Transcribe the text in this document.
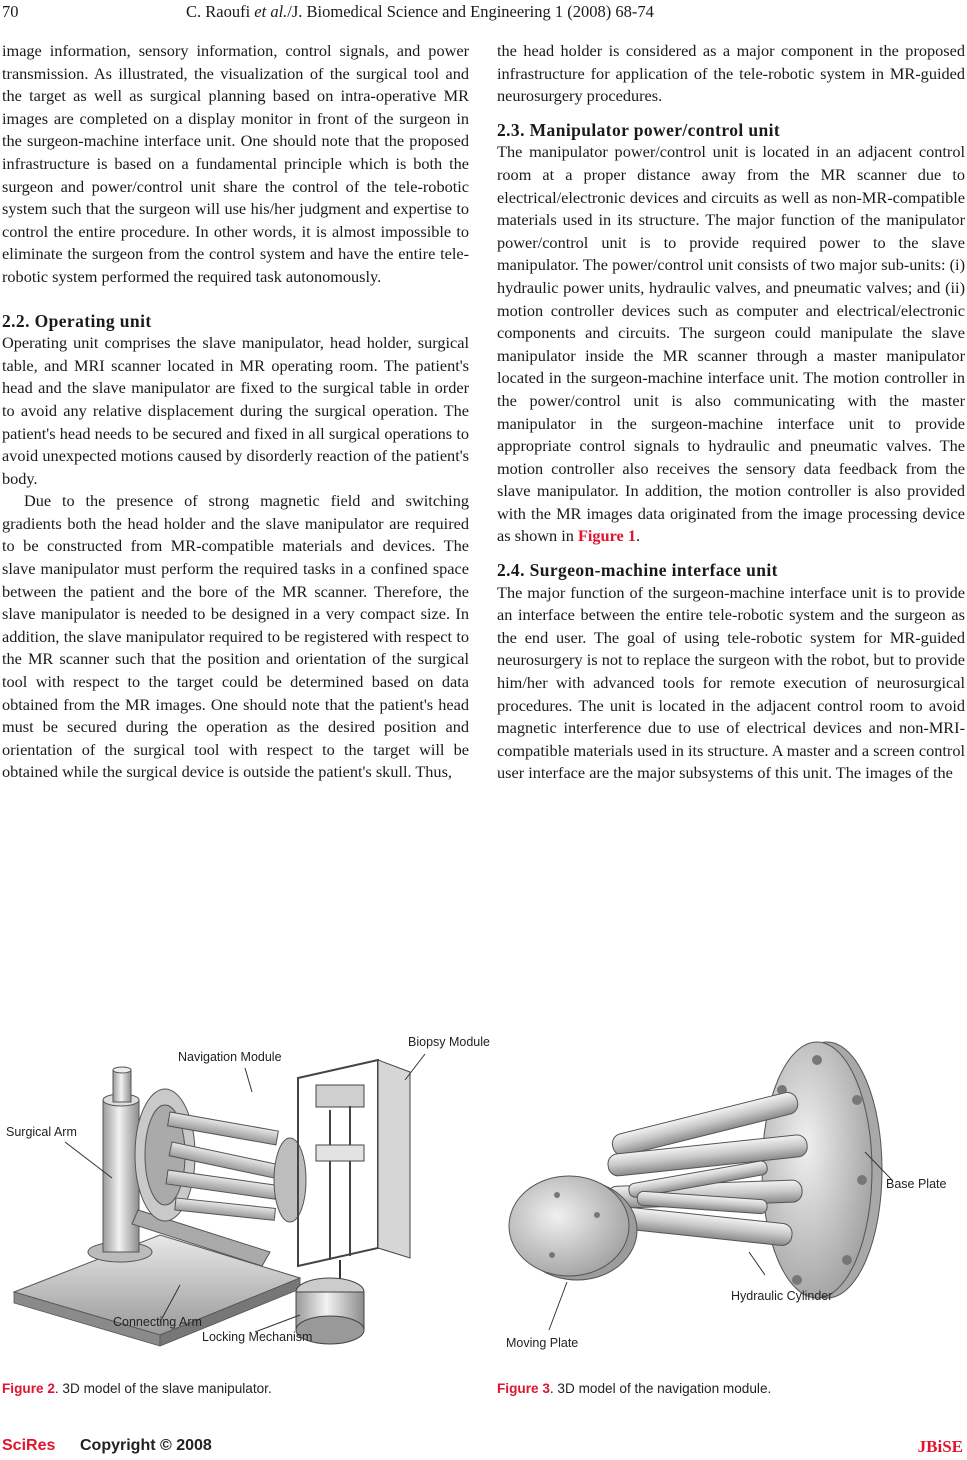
70	C. Raoufi et al./J. Biomedical Science and Engineering 1 (2008) 68-74

image information, sensory information, control signals, and power transmission. As illustrated, the visualization of the surgical tool and the target as well as surgical planning based on intra-operative MR images are completed on a display monitor in front of the surgeon in the surgeon-machine interface unit. One should note that the proposed infrastructure is based on a fundamental principle which is both the surgeon and power/control unit share the control of the tele-robotic system such that the surgeon will use his/her judgment and expertise to control the entire procedure. In other words, it is almost impossible to eliminate the surgeon from the control system and have the entire tele-robotic system performed the required task autonomously.

2.2. Operating unit

Operating unit comprises the slave manipulator, head holder, surgical table, and MRI scanner located in MR operating room. The patient's head and the slave manipulator are fixed to the surgical table in order to avoid any relative displacement during the surgical operation. The patient's head needs to be secured and fixed in all surgical operations to avoid unexpected motions caused by disorderly reaction of the patient's body.

Due to the presence of strong magnetic field and switching gradients both the head holder and the slave manipulator are required to be constructed from MR-compatible materials and devices. The slave manipulator must perform the required tasks in a confined space between the patient and the bore of the MR scanner. Therefore, the slave manipulator is needed to be designed in a very compact size. In addition, the slave manipulator required to be registered with respect to the MR scanner such that the position and orientation of the surgical tool with respect to the target could be determined based on data obtained from the MR images. One should note that the patient's head must be secured during the operation as the desired position and orientation of the surgical tool with respect to the target will be obtained while the surgical device is outside the patient's skull. Thus,

the head holder is considered as a major component in the proposed infrastructure for application of the tele-robotic system in MR-guided neurosurgery procedures.

2.3. Manipulator power/control unit

The manipulator power/control unit is located in an adjacent control room at a proper distance away from the MR scanner due to electrical/electronic devices and circuits as well as non-MR-compatible materials used in its structure. The major function of the manipulator power/control unit is to provide required power to the slave manipulator. The power/control unit consists of two major sub-units: (i) hydraulic power units, hydraulic valves, and pneumatic valves; and (ii) motion controller devices such as computer and electrical/electronic components and circuits. The surgeon could manipulate the slave manipulator inside the MR scanner through a master manipulator located in the surgeon-machine interface unit. The motion controller in the power/control unit is also communicating with the master manipulator in the surgeon-machine interface unit to provide appropriate control signals to hydraulic and pneumatic valves. The motion controller also receives the sensory data feedback from the slave manipulator. In addition, the motion controller is also provided with the MR images data originated from the image processing device as shown in Figure 1.

2.4. Surgeon-machine interface unit

The major function of the surgeon-machine interface unit is to provide an interface between the entire tele-robotic system and the surgeon as the end user. The goal of using tele-robotic system for MR-guided neurosurgery is not to replace the surgeon with the robot, but to provide him/her with advanced tools for remote execution of neurosurgical procedures. The unit is located in the adjacent control room to avoid magnetic interference due to use of electrical devices and non-MRI-compatible materials used in its structure. A master and a screen control user interface are the major subsystems of this unit. The images of the

Navigation Module
Biopsy Module
Surgical Arm
Connecting Arm
Locking Mechanism
Base Plate
Hydraulic Cylinder
Moving Plate
Figure 2. 3D model of the slave manipulator.	Figure 3. 3D model of the navigation module.
SciRes Copyright © 2008	JBiSE
